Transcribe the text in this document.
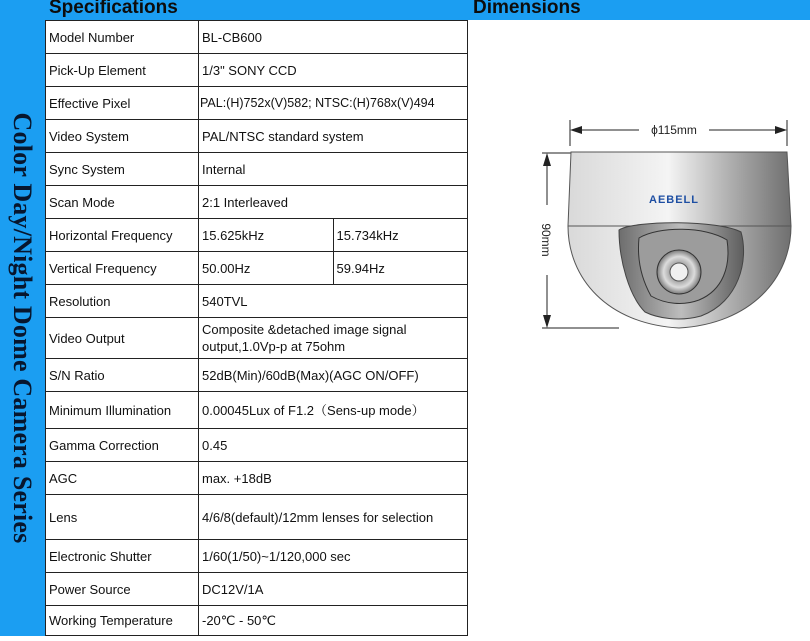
Specifications	Dimensions
Color Day/Night Dome Camera Series
Model Number	BL-CB600	
Pick-Up Element	1/3" SONY CCD	
Effective Pixel	PAL:(H)752x(V)582; NTSC:(H)768x(V)494	
Video System	PAL/NTSC standard system	
Sync System	Internal	
Scan Mode	2:1 Interleaved	
Horizontal Frequency	15.625kHz	15.734kHz
Vertical Frequency	50.00Hz	59.94Hz
Resolution	540TVL	
Video Output	Composite &detached image signal output,1.0Vp-p at 75ohm	
S/N Ratio	52dB(Min)/60dB(Max)(AGC ON/OFF)	
Minimum Illumination	0.00045Lux of F1.2（Sens-up mode）	
Gamma Correction	0.45	
AGC	max. +18dB	
Lens	4/6/8(default)/12mm lenses for selection	
Electronic Shutter	1/60(1/50)~1/120,000 sec	
Power Source	DC12V/1A	
Working Temperature	-20℃ - 50℃	
ϕ115mm
90mm
AEBELL
